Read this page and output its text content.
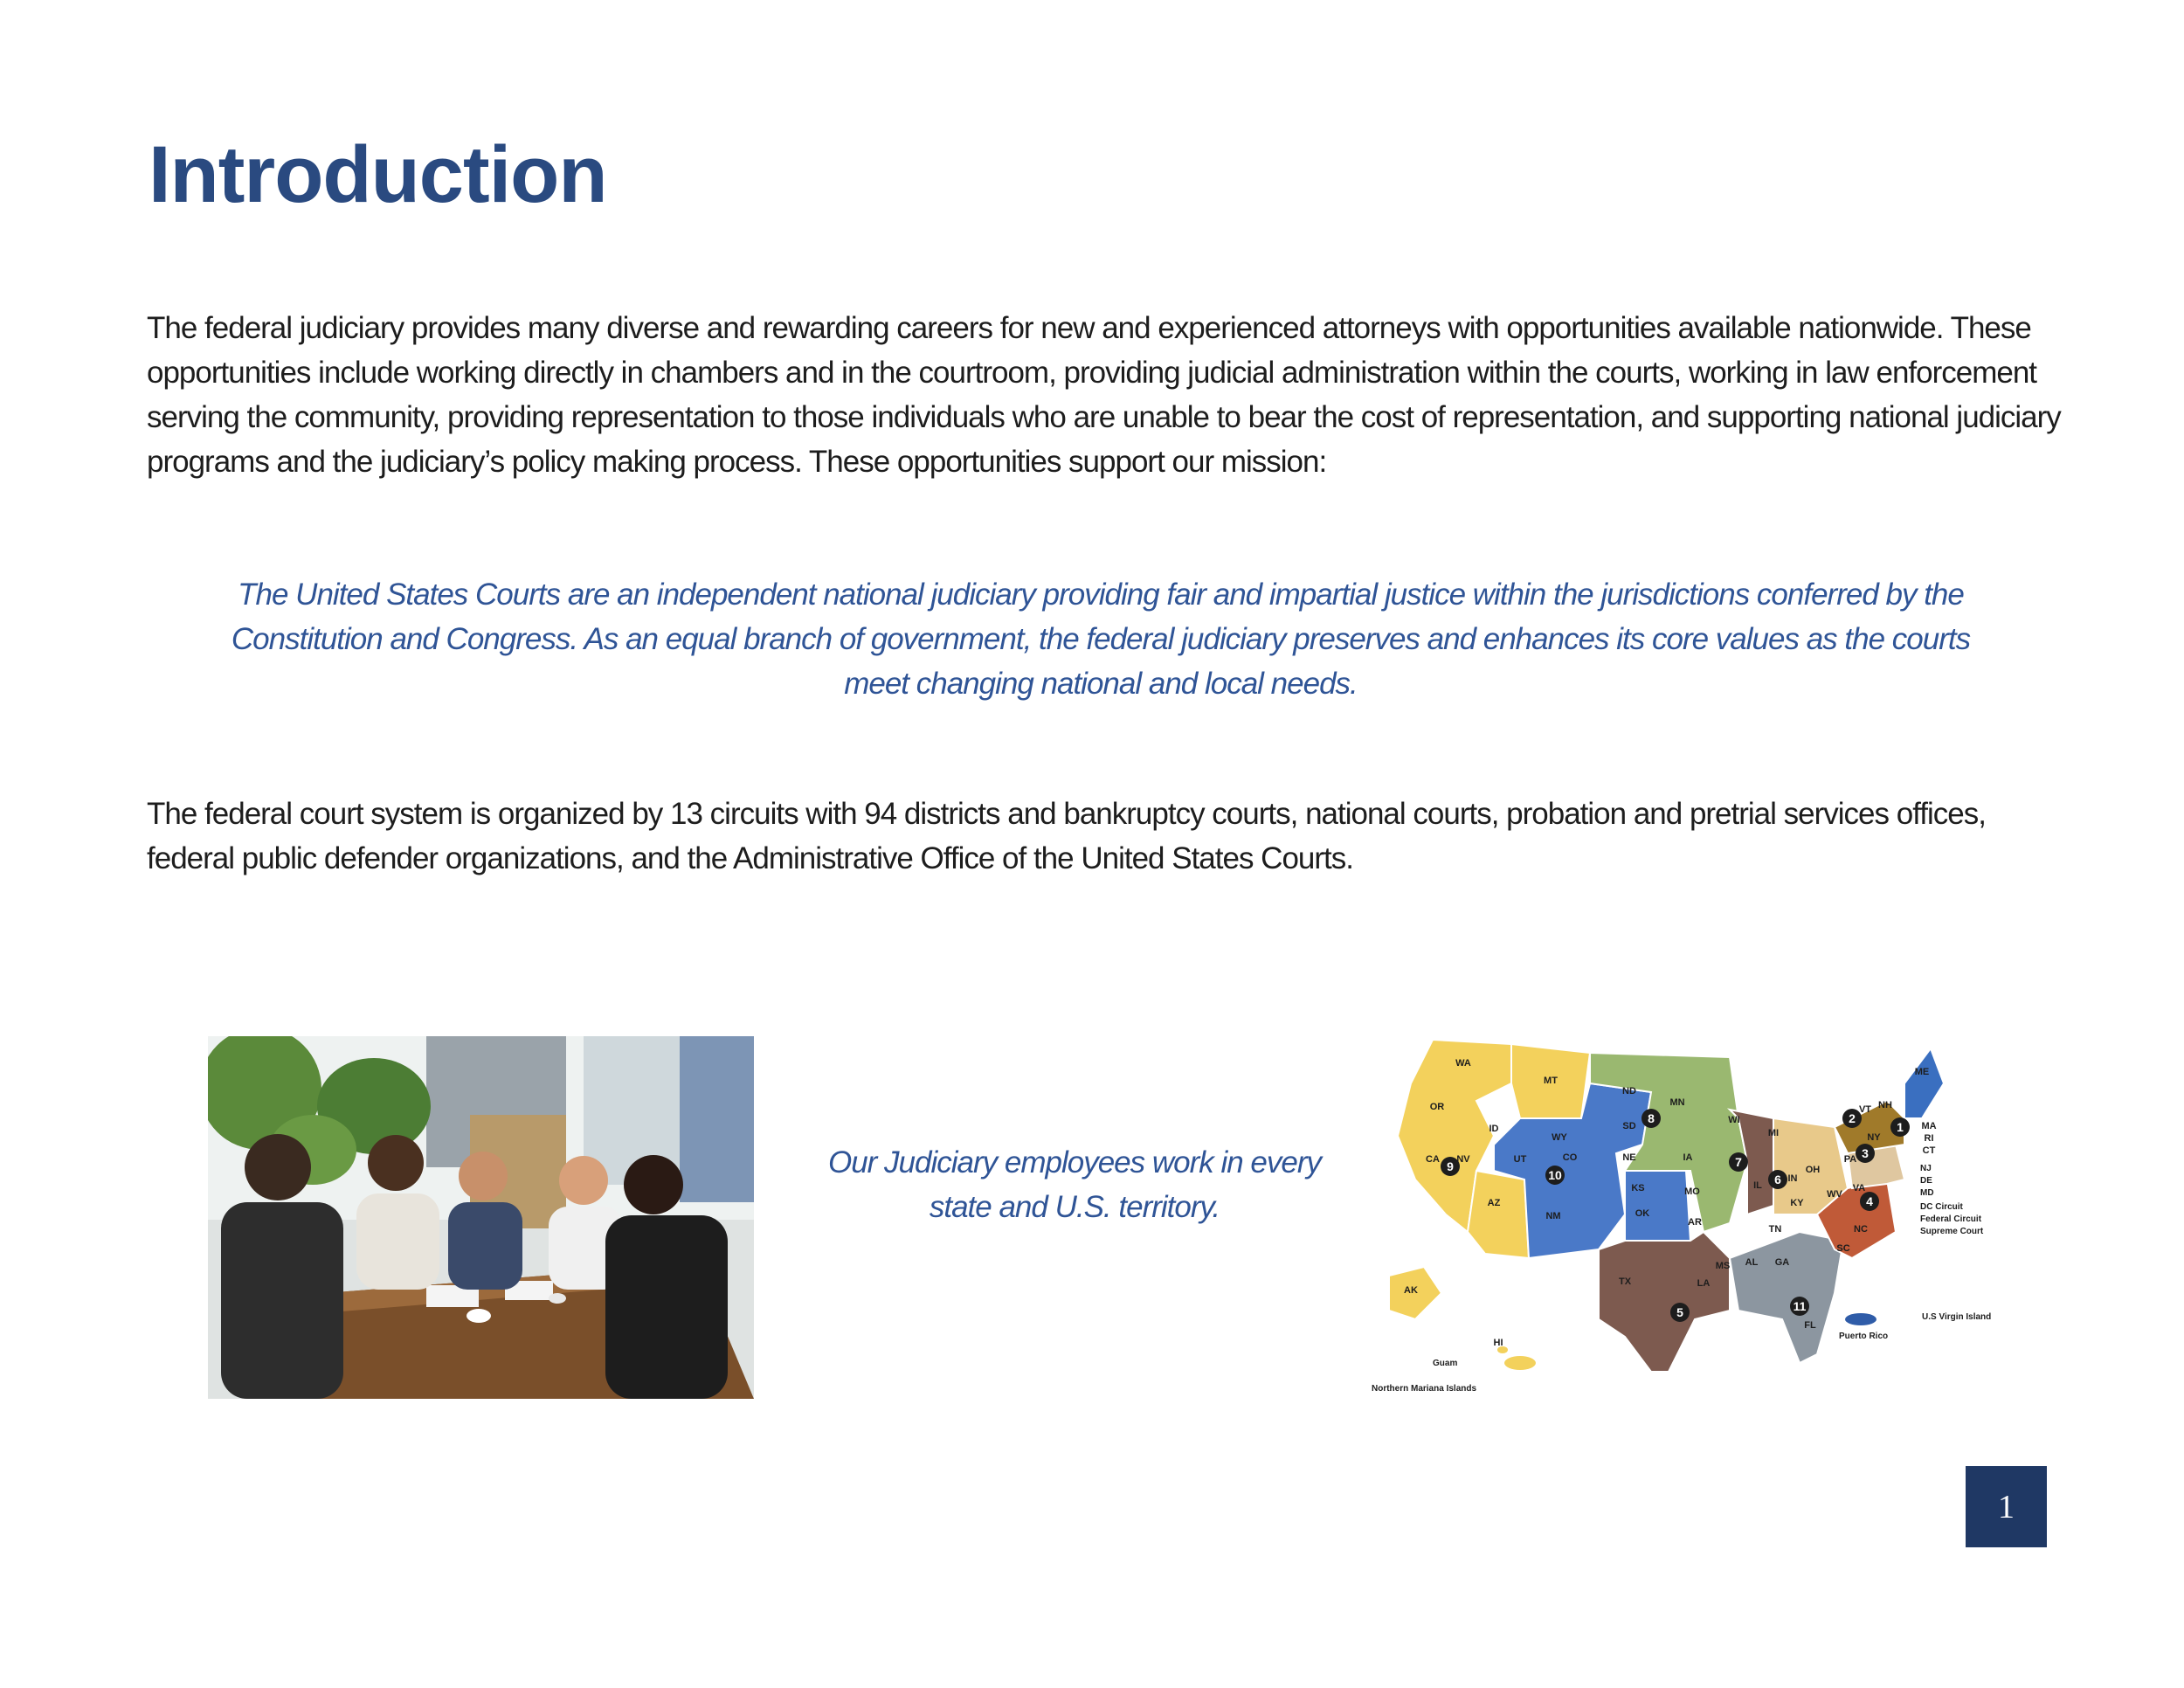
Introduction

The federal judiciary provides many diverse and rewarding careers for new and experienced attorneys with opportunities available nationwide. These opportunities include working directly in chambers and in the courtroom, providing judicial administration within the courts, working in law enforcement serving the community, providing representation to those individuals who are unable to bear the cost of representation, and supporting national judiciary programs and the judiciary’s policy making process. These opportunities support our mission:

The United States Courts are an independent national judiciary providing fair and impartial justice within the jurisdictions conferred by the Constitution and Congress. As an equal branch of government, the federal judiciary preserves and enhances its core values as the courts meet changing national and local needs.

The federal court system is organized by 13 circuits with 94 districts and bankruptcy courts, national courts, probation and pretrial services offices, federal public defender organizations, and the Administrative Office of the United States Courts.

Our Judiciary employees work in every state and U.S. territory.

9
10
8
7
6
3
2
1
4
5	11
WA
OR
ID
MT
WY
ND
SD
MN
NE	IA
WI
MI
NV
CA	UT	CO
AZ
NM
KS
OK
TX
MO
AR
LA
MS AL GA
FL
IL
IN
OH
KY
TN
PA
NY
VT NH
ME
MA
RI
CT
WV
VA
NC
SC
AK
HI
NJ
DE
MD
DC Circuit
Federal Circuit
Supreme Court
Puerto Rico
U.S Virgin Island
Guam
Northern Mariana Islands
1
